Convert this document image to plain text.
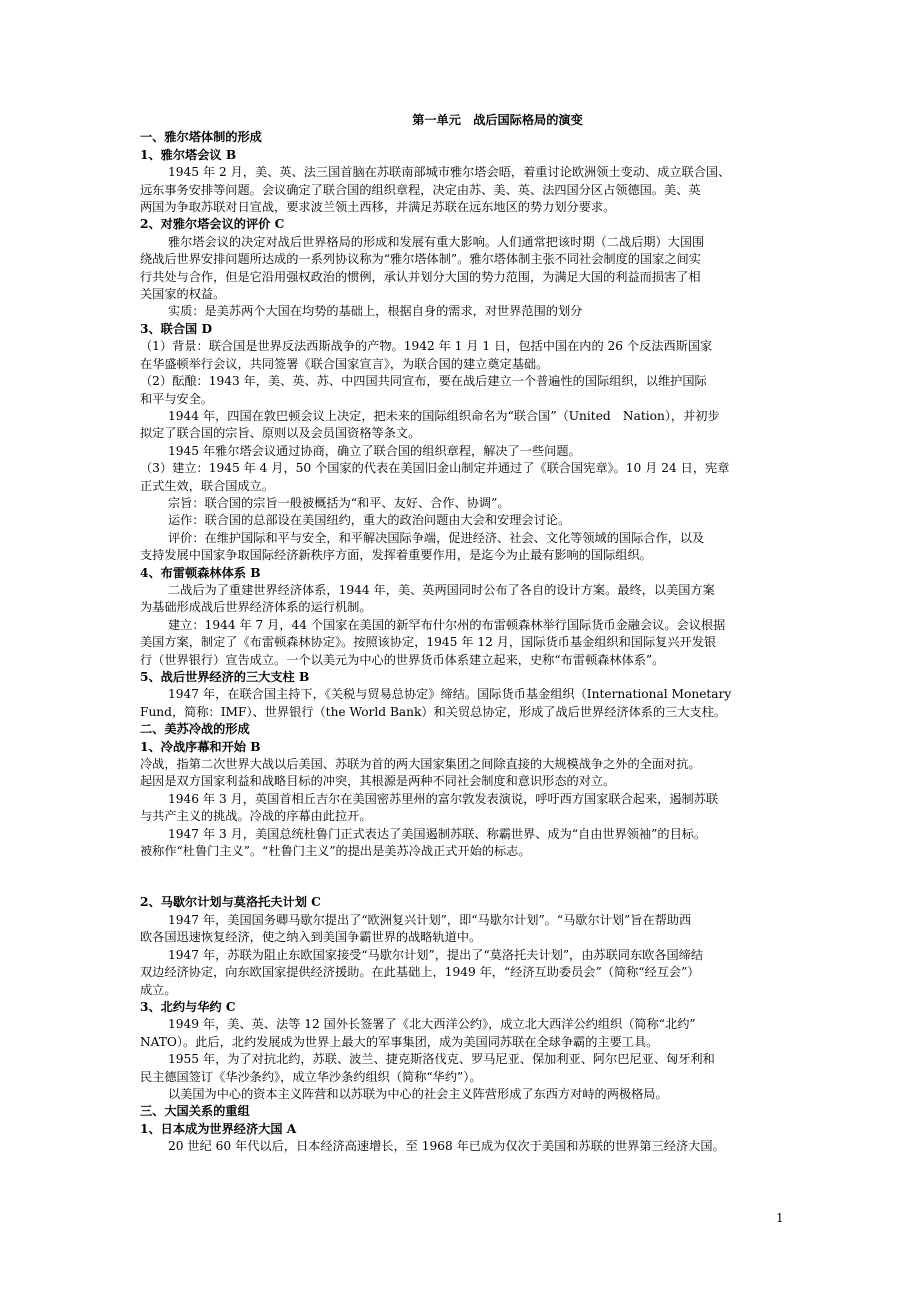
第一单元　战后国际格局的演变
一、雅尔塔体制的形成
1、雅尔塔会议 B
1945 年 2 月，美、英、法三国首脑在苏联南部城市雅尔塔会晤，着重讨论欧洲领土变动、成立联合国、
远东事务安排等问题。会议确定了联合国的组织章程，决定由苏、美、英、法四国分区占领德国。美、英
两国为争取苏联对日宣战，要求波兰领土西移，并满足苏联在远东地区的势力划分要求。
2、对雅尔塔会议的评价 C
雅尔塔会议的决定对战后世界格局的形成和发展有重大影响。人们通常把该时期（二战后期）大国围
绕战后世界安排问题所达成的一系列协议称为“雅尔塔体制”。雅尔塔体制主张不同社会制度的国家之间实
行共处与合作，但是它沿用强权政治的惯例，承认并划分大国的势力范围，为满足大国的利益而损害了相
关国家的权益。
实质：是美苏两个大国在均势的基础上，根据自身的需求，对世界范围的划分
3、联合国 D
（1）背景：联合国是世界反法西斯战争的产物。1942 年 1 月 1 日，包括中国在内的 26 个反法西斯国家
在华盛顿举行会议，共同签署《联合国家宣言》，为联合国的建立奠定基础。
（2）酝酿：1943 年，美、英、苏、中四国共同宣布，要在战后建立一个普遍性的国际组织，以维护国际
和平与安全。
1944 年，四国在敦巴顿会议上决定，把未来的国际组织命名为“联合国”（United　Nation），并初步
拟定了联合国的宗旨、原则以及会员国资格等条文。
1945 年雅尔塔会议通过协商，确立了联合国的组织章程，解决了一些问题。
（3）建立：1945 年 4 月，50 个国家的代表在美国旧金山制定并通过了《联合国宪章》。10 月 24 日，宪章
正式生效，联合国成立。
宗旨：联合国的宗旨一般被概括为“和平、友好、合作、协调”。
运作：联合国的总部设在美国纽约，重大的政治问题由大会和安理会讨论。
评价：在维护国际和平与安全，和平解决国际争端，促进经济、社会、文化等领域的国际合作，以及
支持发展中国家争取国际经济新秩序方面，发挥着重要作用，是迄今为止最有影响的国际组织。
4、布雷顿森林体系 B
二战后为了重建世界经济体系，1944 年，美、英两国同时公布了各自的设计方案。最终，以美国方案
为基础形成战后世界经济体系的运行机制。
建立：1944 年 7 月，44 个国家在美国的新罕布什尔州的布雷顿森林举行国际货币金融会议。会议根据
美国方案，制定了《布雷顿森林协定》。按照该协定，1945 年 12 月，国际货币基金组织和国际复兴开发银
行（世界银行）宣告成立。一个以美元为中心的世界货币体系建立起来，史称“布雷顿森林体系”。
5、战后世界经济的三大支柱 B
1947 年，在联合国主持下，《关税与贸易总协定》缔结。国际货币基金组织（International Monetary
Fund，简称：IMF）、世界银行（the World Bank）和关贸总协定，形成了战后世界经济体系的三大支柱。
二、美苏冷战的形成
1、冷战序幕和开始 B
冷战，指第二次世界大战以后美国、苏联为首的两大国家集团之间除直接的大规模战争之外的全面对抗。
起因是双方国家利益和战略目标的冲突，其根源是两种不同社会制度和意识形态的对立。
1946 年 3 月，英国首相丘吉尔在美国密苏里州的富尔敦发表演说，呼吁西方国家联合起来，遏制苏联
与共产主义的挑战。冷战的序幕由此拉开。
1947 年 3 月，美国总统杜鲁门正式表达了美国遏制苏联、称霸世界、成为“自由世界领袖”的目标。
被称作“杜鲁门主义”。“杜鲁门主义”的提出是美苏冷战正式开始的标志。
2、马歇尔计划与莫洛托夫计划 C
1947 年，美国国务卿马歇尔提出了“欧洲复兴计划”，即“马歇尔计划”。“马歇尔计划”旨在帮助西
欧各国迅速恢复经济，使之纳入到美国争霸世界的战略轨道中。
1947 年，苏联为阻止东欧国家接受“马歇尔计划”，提出了“莫洛托夫计划”，由苏联同东欧各国缔结
双边经济协定，向东欧国家提供经济援助。在此基础上，1949 年，“经济互助委员会”（简称“经互会”）
成立。
3、北约与华约 C
1949 年，美、英、法等 12 国外长签署了《北大西洋公约》，成立北大西洋公约组织（简称“北约”
NATO）。此后，北约发展成为世界上最大的军事集团，成为美国同苏联在全球争霸的主要工具。
1955 年，为了对抗北约，苏联、波兰、捷克斯洛伐克、罗马尼亚、保加利亚、阿尔巴尼亚、匈牙利和
民主德国签订《华沙条约》，成立华沙条约组织（简称“华约”）。
以美国为中心的资本主义阵营和以苏联为中心的社会主义阵营形成了东西方对峙的两极格局。
三、大国关系的重组
1、日本成为世界经济大国 A
20 世纪 60 年代以后，日本经济高速增长，至 1968 年已成为仅次于美国和苏联的世界第三经济大国。
1
